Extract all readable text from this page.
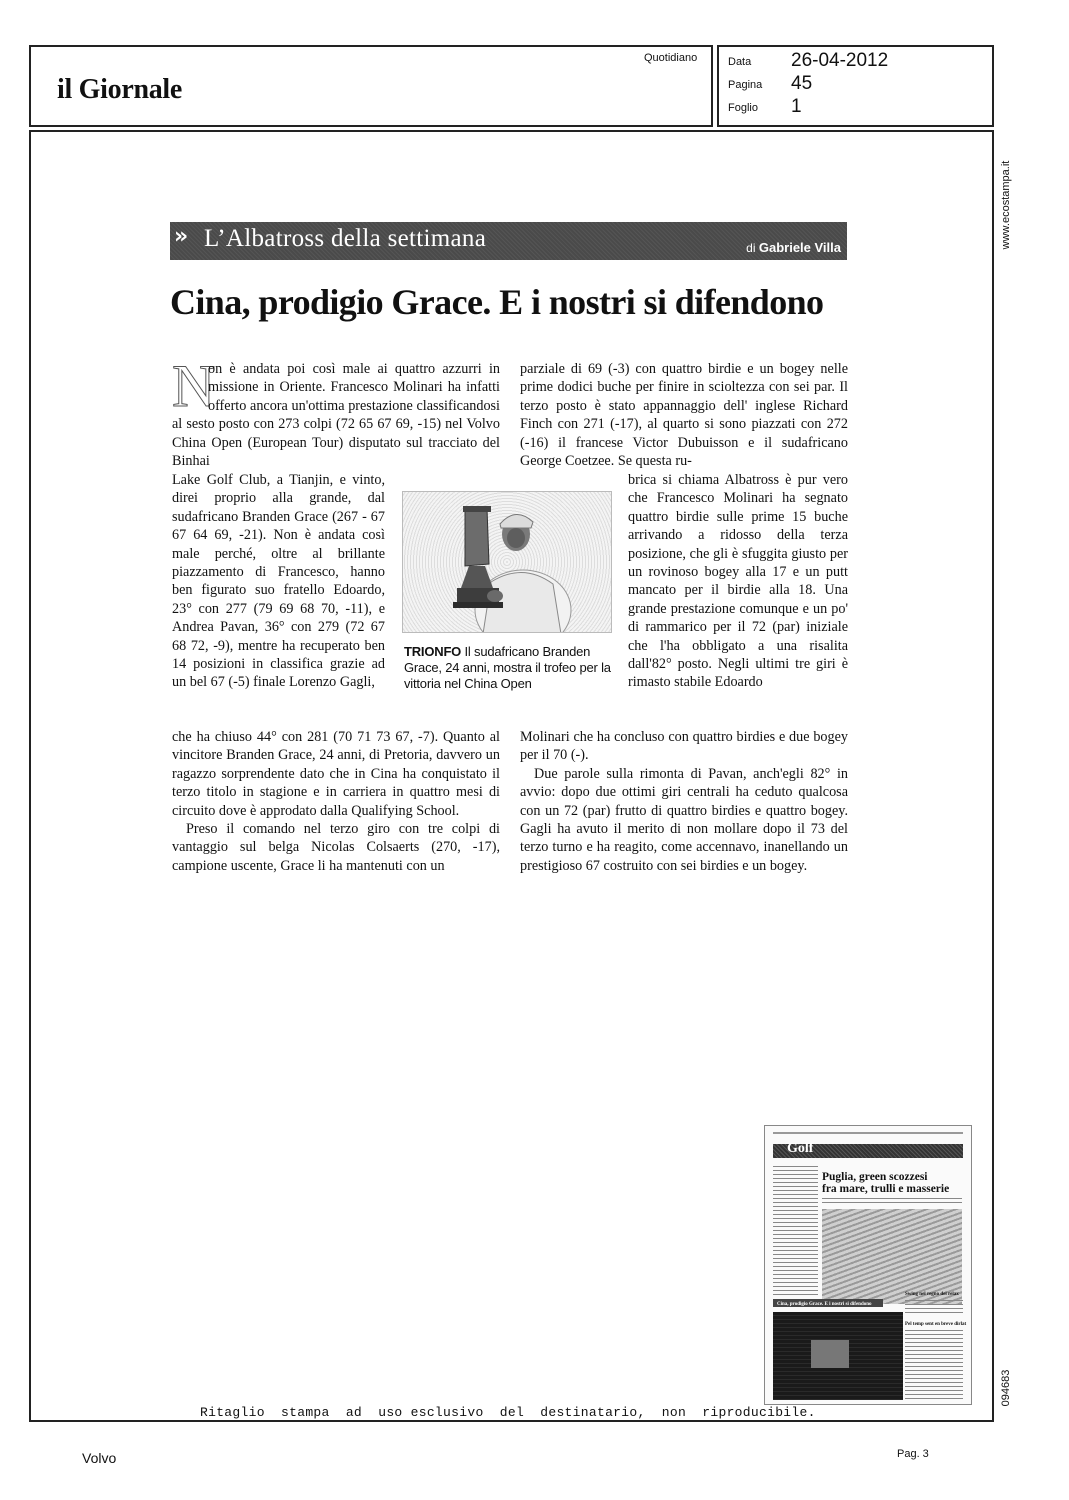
il Giornale
Quotidiano	Data 26-04-2012
Pagina 45
Foglio 1
www.ecostampa.it
094683
» L’Albatross della settimana	di Gabriele Villa
Cina, prodigio Grace. E i nostri si difendono
N

on è andata poi così male ai quattro azzurri in missione in Oriente. Francesco Molinari ha infatti offerto ancora un'ottima prestazione classificandosi al sesto posto con 273 colpi (72 65 67 69, -15) nel Volvo China Open (European Tour) disputato sul tracciato del Binhai

parziale di 69 (-3) con quattro birdie e un bogey nelle prime dodici buche per finire in scioltezza con sei par. Il terzo posto è stato appannaggio dell' inglese Richard Finch con 271 (-17), al quarto si sono piazzati con 272 (-16) il francese Victor Dubuisson e il sudafricano George Coetzee. Se questa ru-

Lake Golf Club, a Tianjin, e vinto, direi proprio alla grande, dal sudafricano Branden Grace (267 - 67 67 64 69, -21). Non è andata così male perché, oltre al brillante piazzamento di Francesco, hanno ben figurato suo fratello Edoardo, 23° con 277 (79 69 68 70, -11), e Andrea Pavan, 36° con 279 (72 67 68 72, -9), mentre ha recuperato ben 14 posizioni in classifica grazie ad un bel 67 (-5) finale Lorenzo Gagli,

brica si chiama Albatross è pur vero che Francesco Molinari ha segnato quattro birdie sulle prime 15 buche arrivando a ridosso della terza posizione, che gli è sfuggita giusto per un rovinoso bogey alla 17 e un putt mancato per il birdie alla 18. Una grande prestazione comunque e un po' di rammarico per il 72 (par) iniziale che l'ha obbligato a una risalita dall'82° posto. Negli ultimi tre giri è rimasto stabile Edoardo

TRIONFO Il sudafricano Branden Grace, 24 anni, mostra il trofeo per la vittoria nel China Open

che ha chiuso 44° con 281 (70 71 73 67, -7). Quanto al vincitore Branden Grace, 24 anni, di Pretoria, davvero un ragazzo sorprendente dato che in Cina ha conquistato il terzo titolo in stagione e in carriera in quattro mesi di circuito dove è approdato dalla Qualifying School.

Preso il comando nel terzo giro con tre colpi di vantaggio sul belga Nicolas Colsaerts (270, -17), campione uscente, Grace li ha mantenuti con un

Molinari che ha concluso con quattro birdies e due bogey per il 70 (-).

Due parole sulla rimonta di Pavan, anch'egli 82° in avvio: dopo due ottimi giri centrali ha ceduto qualcosa con un 72 (par) frutto di quattro birdies e quattro bogey. Gagli ha avuto il merito di non mollare dopo il 73 del terzo turno e ha reagito, come accennavo, inanellando un prestigioso 67 costruito con sei birdies e un bogey.

Golf
Puglia, green scozzesi
fra mare, trulli e masserie
Swing nel regno del relax
Cina, prodigio Grace. E i nostri si difendono
Pel temp sent en breve dirlat
Ritaglio  stampa  ad  uso esclusivo  del  destinatario,  non  riproducibile.
Volvo	Pag. 3
